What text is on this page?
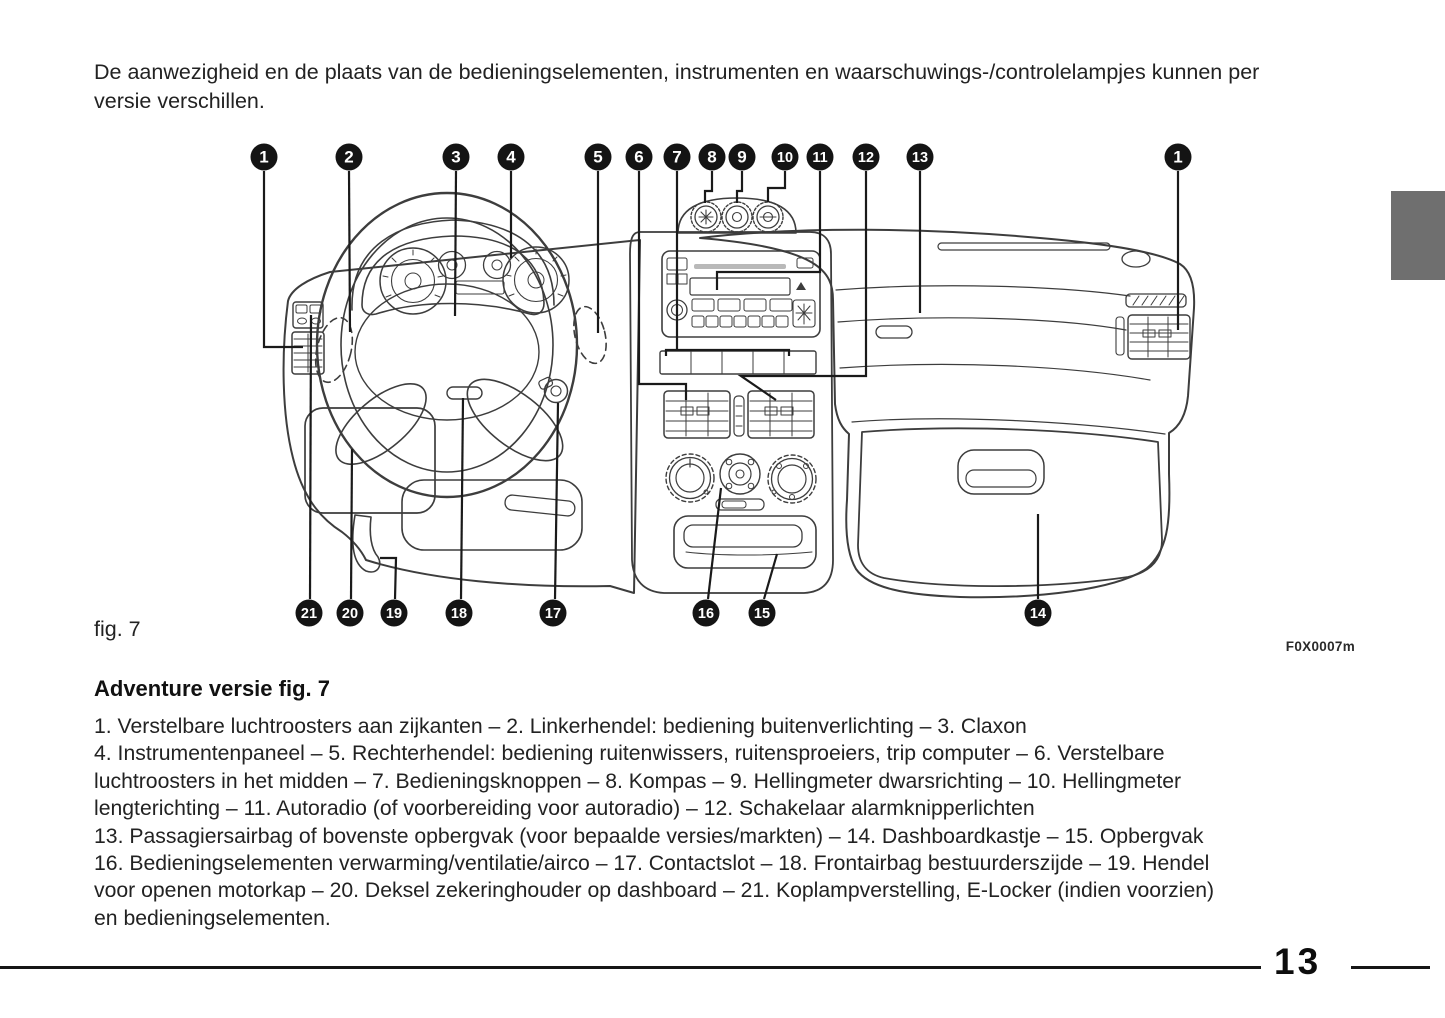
De aanwezigheid en de plaats van de bedieningselementen, instrumenten en waarschuwings-/controlelampjes kunnen per
versie verschillen.
1	2	3	4	5 6 7 8 9 10 11 12	13	1
14
15
16
17
18
19
20
21
fig. 7
F0X0007m
Adventure versie fig. 7
1. Verstelbare luchtroosters aan zijkanten – 2. Linkerhendel: bediening buitenverlichting – 3. Claxon
4. Instrumentenpaneel – 5. Rechterhendel: bediening ruitenwissers, ruitensproeiers, trip computer – 6. Verstelbare
luchtroosters in het midden – 7. Bedieningsknoppen – 8. Kompas – 9. Hellingmeter dwarsrichting – 10. Hellingmeter
lengterichting – 11. Autoradio (of voorbereiding voor autoradio) – 12. Schakelaar alarmknipperlichten
13. Passagiersairbag of bovenste opbergvak (voor bepaalde versies/markten) – 14. Dashboardkastje – 15. Opbergvak
16. Bedieningselementen verwarming/ventilatie/airco – 17. Contactslot – 18. Frontairbag bestuurderszijde – 19. Hendel
voor openen motorkap – 20. Deksel zekeringhouder op dashboard – 21. Koplampverstelling, E-Locker (indien voorzien)
en bedieningselementen.
13
